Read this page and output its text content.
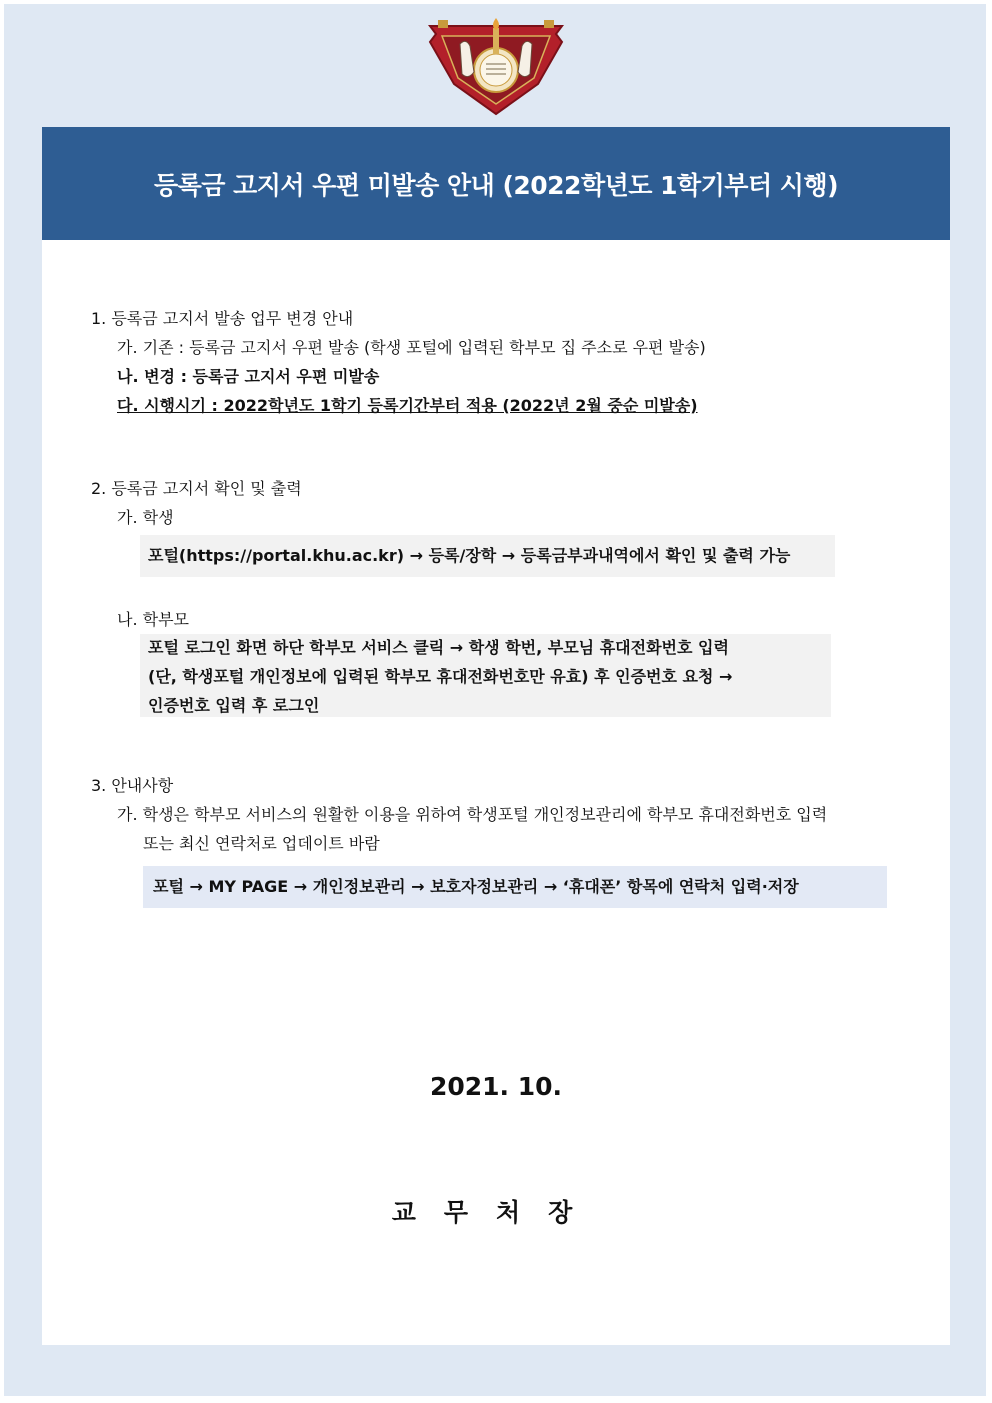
등록금 고지서 우편 미발송 안내 (2022학년도 1학기부터 시행)
1. 등록금 고지서 발송 업무 변경 안내
가. 기존 : 등록금 고지서 우편 발송 (학생 포털에 입력된 학부모 집 주소로 우편 발송)
나. 변경 : 등록금 고지서 우편 미발송
다. 시행시기 : 2022학년도 1학기 등록기간부터 적용 (2022년 2월 중순 미발송)
2. 등록금 고지서 확인 및 출력
가. 학생
포털(https://portal.khu.ac.kr) → 등록/장학 → 등록금부과내역에서 확인 및 출력 가능
나. 학부모
포털 로그인 화면 하단 학부모 서비스 클릭 → 학생 학번, 부모님 휴대전화번호 입력
(단, 학생포털 개인정보에 입력된 학부모 휴대전화번호만 유효) 후 인증번호 요청 →
인증번호 입력 후 로그인
3. 안내사항
가. 학생은 학부모 서비스의 원활한 이용을 위하여 학생포털 개인정보관리에 학부모 휴대전화번호 입력
또는 최신 연락처로 업데이트 바람
포털 → MY PAGE → 개인정보관리 → 보호자정보관리 → ‘휴대폰’ 항목에 연락처 입력·저장
2021. 10.
교무처장
